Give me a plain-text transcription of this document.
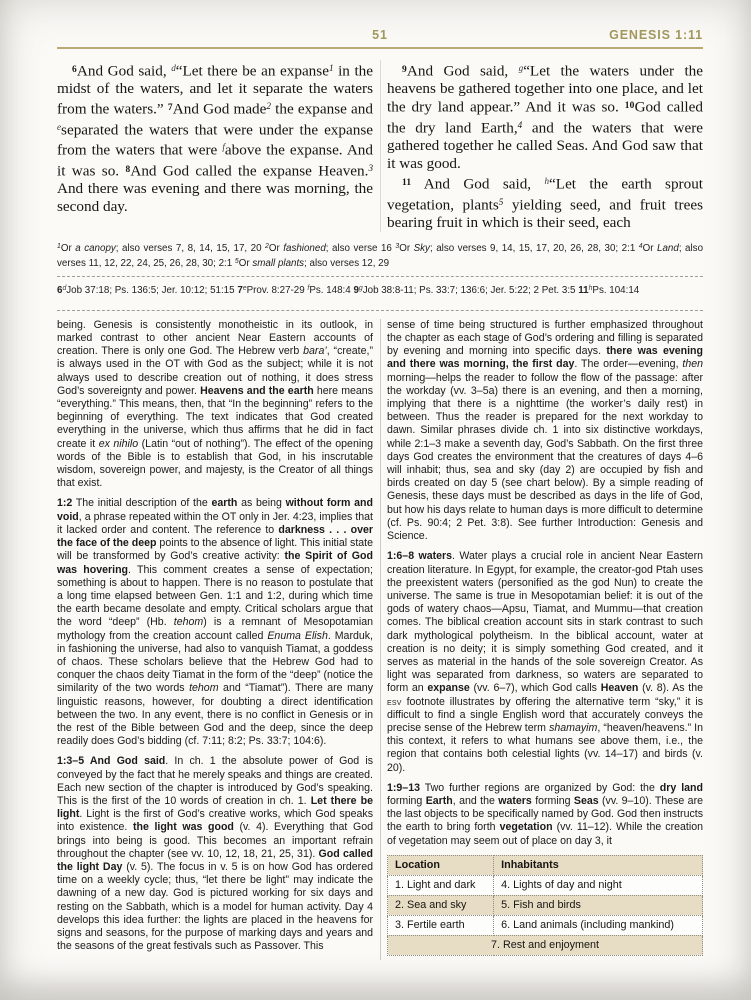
51	GENESIS 1:11

$^6$And God said, $^d$“Let there be an expanse$^1$ in the midst of the waters, and let it separate the waters from the waters.” $^7$And God made$^2$ the expanse and $^e$separated the waters that were under the expanse from the waters that were $^f$above the expanse. And it was so. $^8$And God called the expanse Heaven.$^3$ And there was evening and there was morning, the second day.

$^9$And God said, $^g$“Let the waters under the heavens be gathered together into one place, and let the dry land appear.” And it was so. $^{10}$God called the dry land Earth,$^4$ and the waters that were gathered together he called Seas. And God saw that it was good.

$^{11}$ And God said, $^h$“Let the earth sprout vegetation, plants$^5$ yielding seed, and fruit trees bearing fruit in which is their seed, each

$^1$Or a canopy; also verses 7, 8, 14, 15, 17, 20 $^2$Or fashioned; also verse 16 $^3$Or Sky; also verses 9, 14, 15, 17, 20, 26, 28, 30; 2:1 $^4$Or Land; also verses 11, 12, 22, 24, 25, 26, 28, 30; 2:1 $^5$Or small plants; also verses 12, 29
6$^d$Job 37:18; Ps. 136:5; Jer. 10:12; 51:15 7eProv. 8:27-29 $^f$Ps. 148:4 9$^g$Job 38:8-11; Ps. 33:7; 136:6; Jer. 5:22; 2 Pet. 3:5 11$^h$Ps. 104:14

being. Genesis is consistently monotheistic in its outlook, in marked contrast to other ancient Near Eastern accounts of creation. There is only one God. The Hebrew verb bara’, “create,” is always used in the OT with God as the subject; while it is not always used to describe creation out of nothing, it does stress God’s sovereignty and power. Heavens and the earth here means “everything.” This means, then, that “In the beginning” refers to the beginning of everything. The text indicates that God created everything in the universe, which thus affirms that he did in fact create it ex nihilo (Latin “out of nothing”). The effect of the opening words of the Bible is to establish that God, in his inscrutable wisdom, sovereign power, and majesty, is the Creator of all things that exist.

1:2 The initial description of the earth as being without form and void, a phrase repeated within the OT only in Jer. 4:23, implies that it lacked order and content. The reference to darkness . . . over the face of the deep points to the absence of light. This initial state will be transformed by God’s creative activity: the Spirit of God was hovering. This comment creates a sense of expectation; something is about to happen. There is no reason to postulate that a long time elapsed between Gen. 1:1 and 1:2, during which time the earth became desolate and empty. Critical scholars argue that the word “deep” (Hb. tehom) is a remnant of Mesopotamian mythology from the creation account called Enuma Elish. Marduk, in fashioning the universe, had also to vanquish Tiamat, a goddess of chaos. These scholars believe that the Hebrew God had to conquer the chaos deity Tiamat in the form of the “deep” (notice the similarity of the two words tehom and “Tiamat”). There are many linguistic reasons, however, for doubting a direct identification between the two. In any event, there is no conflict in Genesis or in the rest of the Bible between God and the deep, since the deep readily does God’s bidding (cf. 7:11; 8:2; Ps. 33:7; 104:6).

1:3–5 And God said. In ch. 1 the absolute power of God is conveyed by the fact that he merely speaks and things are created. Each new section of the chapter is introduced by God’s speaking. This is the first of the 10 words of creation in ch. 1. Let there be light. Light is the first of God’s creative works, which God speaks into existence. the light was good (v. 4). Everything that God brings into being is good. This becomes an important refrain throughout the chapter (see vv. 10, 12, 18, 21, 25, 31). God called the light Day (v. 5). The focus in v. 5 is on how God has ordered time on a weekly cycle; thus, “let there be light” may indicate the dawning of a new day. God is pictured working for six days and resting on the Sabbath, which is a model for human activity. Day 4 develops this idea further: the lights are placed in the heavens for signs and seasons, for the purpose of marking days and years and the seasons of the great festivals such as Passover. This

sense of time being structured is further emphasized throughout the chapter as each stage of God’s ordering and filling is separated by evening and morning into specific days. there was evening and there was morning, the first day. The order—evening, then morning—helps the reader to follow the flow of the passage: after the workday (vv. 3–5a) there is an evening, and then a morning, implying that there is a nighttime (the worker’s daily rest) in between. Thus the reader is prepared for the next workday to dawn. Similar phrases divide ch. 1 into six distinctive workdays, while 2:1–3 make a seventh day, God’s Sabbath. On the first three days God creates the environment that the creatures of days 4–6 will inhabit; thus, sea and sky (day 2) are occupied by fish and birds created on day 5 (see chart below). By a simple reading of Genesis, these days must be described as days in the life of God, but how his days relate to human days is more difficult to determine (cf. Ps. 90:4; 2 Pet. 3:8). See further Introduction: Genesis and Science.

1:6–8 waters. Water plays a crucial role in ancient Near Eastern creation literature. In Egypt, for example, the creator-god Ptah uses the preexistent waters (personified as the god Nun) to create the universe. The same is true in Mesopotamian belief: it is out of the gods of watery chaos—Apsu, Tiamat, and Mummu—that creation comes. The biblical creation account sits in stark contrast to such dark mythological polytheism. In the biblical account, water at creation is no deity; it is simply something God created, and it serves as material in the hands of the sole sovereign Creator. As light was separated from darkness, so waters are separated to form an expanse (vv. 6–7), which God calls Heaven (v. 8). As the esv footnote illustrates by offering the alternative term “sky,” it is difficult to find a single English word that accurately conveys the precise sense of the Hebrew term shamayim, “heaven/heavens.” In this context, it refers to what humans see above them, i.e., the region that contains both celestial lights (vv. 14–17) and birds (v. 20).

1:9–13 Two further regions are organized by God: the dry land forming Earth, and the waters forming Seas (vv. 9–10). These are the last objects to be specifically named by God. God then instructs the earth to bring forth vegetation (vv. 11–12). While the creation of vegetation may seem out of place on day 3, it

Location	Inhabitants
1. Light and dark	4. Lights of day and night
2. Sea and sky	5. Fish and birds
3. Fertile earth	6. Land animals (including mankind)
7. Rest and enjoyment	
